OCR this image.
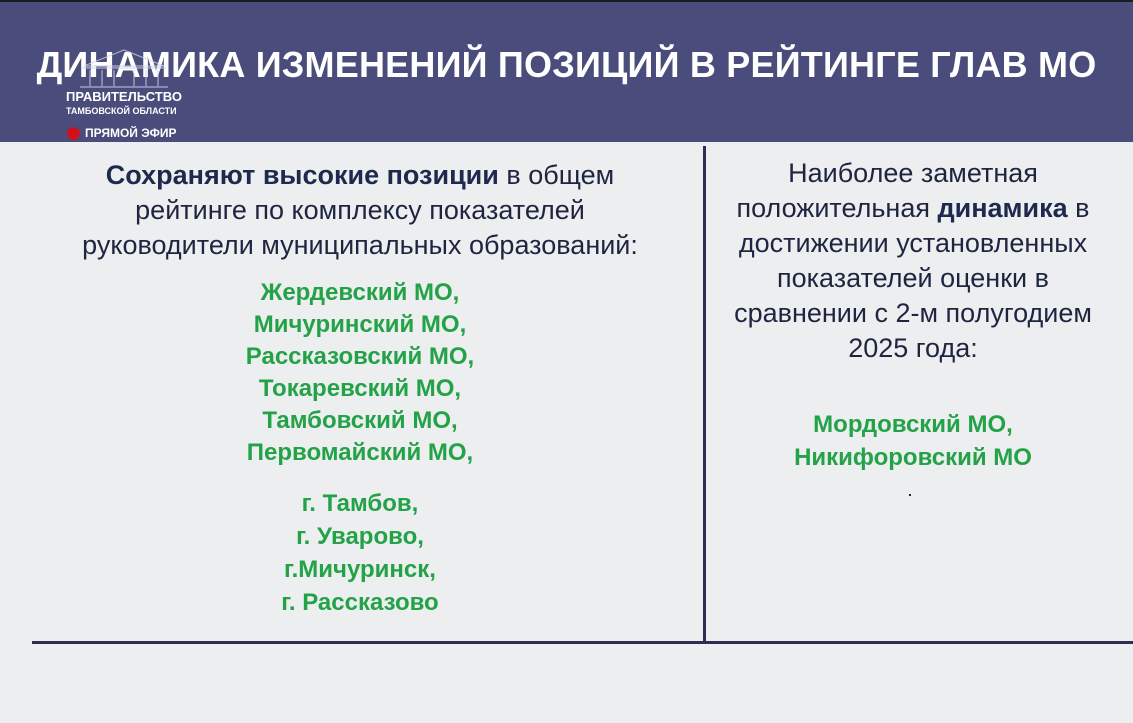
ДИНАМИКА ИЗМЕНЕНИЙ ПОЗИЦИЙ В РЕЙТИНГЕ ГЛАВ МО
ПРАВИТЕЛЬСТВО
ТАМБОВСКОЙ ОБЛАСТИ
ПРЯМОЙ ЭФИР
Сохраняют высокие позиции в общем
рейтинге по комплексу показателей
руководители муниципальных образований:
Жердевский МО,
Мичуринский МО,
Рассказовский МО,
Токаревский МО,
Тамбовский МО,
Первомайский МО,
г. Тамбов,
г. Уварово,
г.Мичуринск,
г. Рассказово
Наиболее заметная
положительная динамика в
достижении установленных
показателей оценки в
сравнении с 2-м полугодием
2025 года:
Мордовский МО,
Никифоровский МО
